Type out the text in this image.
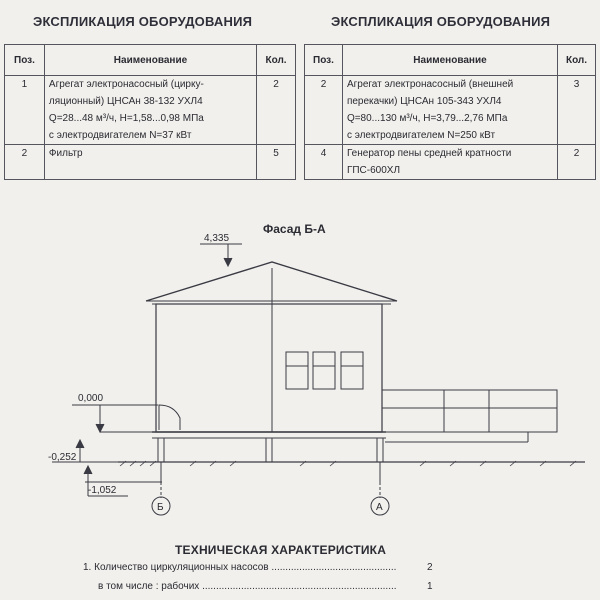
ЭКСПЛИКАЦИЯ ОБОРУДОВАНИЯ
Поз.	Наименование	Кол.
1	Агрегат электронасосный (цирку-
ляционный) ЦНСАн 38-132 УХЛ4
Q=28...48 м³/ч, Н=1,58...0,98 МПа
с электродвигателем N=37 кВт	2
2	Фильтр	5
ЭКСПЛИКАЦИЯ ОБОРУДОВАНИЯ
Поз.	Наименование	Кол.
2	Агрегат электронасосный (внешней
перекачки) ЦНСАн 105-343 УХЛ4
Q=80...130 м³/ч, Н=3,79...2,76 МПа
с электродвигателем N=250 кВт	3
4	Генератор пены средней кратности
ГПС-600ХЛ	2
Фасад Б-А
4,335
0,000
-0,252
-1,052
Б	А
ТЕХНИЧЕСКАЯ ХАРАКТЕРИСТИКА
1. Количество циркуляционных насосов .............................................	2
в том числе : рабочих ......................................................................	1
